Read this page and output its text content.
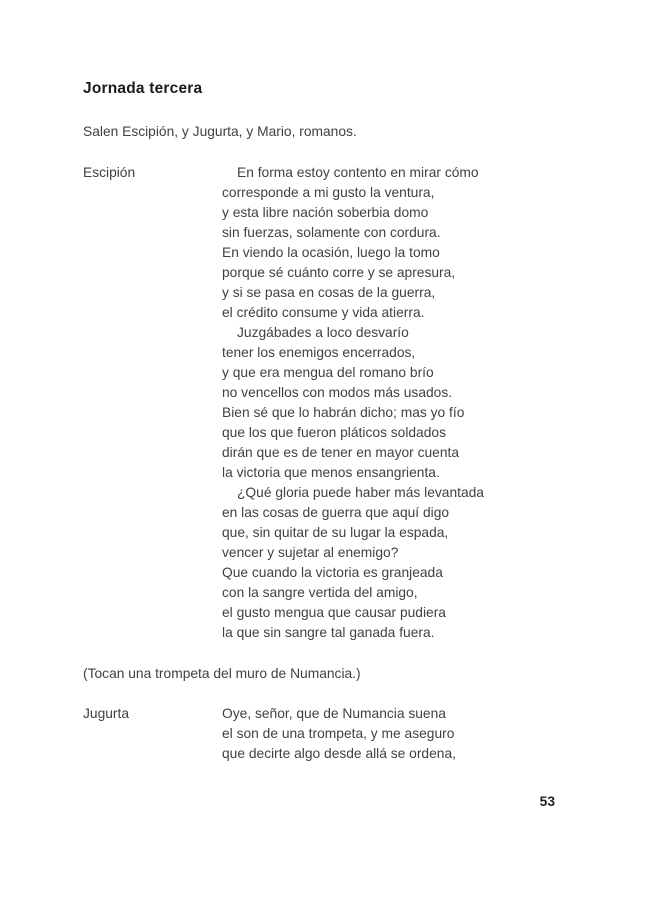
Jornada tercera
Salen Escipión, y Jugurta, y Mario, romanos.
Escipión	En forma estoy contento en mirar cómo
corresponde a mi gusto la ventura,
y esta libre nación soberbia domo
sin fuerzas, solamente con cordura.
En viendo la ocasión, luego la tomo
porque sé cuánto corre y se apresura,
y si se pasa en cosas de la guerra,
el crédito consume y vida atierra.
Juzgábades a loco desvarío
tener los enemigos encerrados,
y que era mengua del romano brío
no vencellos con modos más usados.
Bien sé que lo habrán dicho; mas yo fío
que los que fueron pláticos soldados
dirán que es de tener en mayor cuenta
la victoria que menos ensangrienta.
¿Qué gloria puede haber más levantada
en las cosas de guerra que aquí digo
que, sin quitar de su lugar la espada,
vencer y sujetar al enemigo?
Que cuando la victoria es granjeada
con la sangre vertida del amigo,
el gusto mengua que causar pudiera
la que sin sangre tal ganada fuera.
(Tocan una trompeta del muro de Numancia.)
Jugurta	Oye, señor, que de Numancia suena
el son de una trompeta, y me aseguro
que decirte algo desde allá se ordena,
53
